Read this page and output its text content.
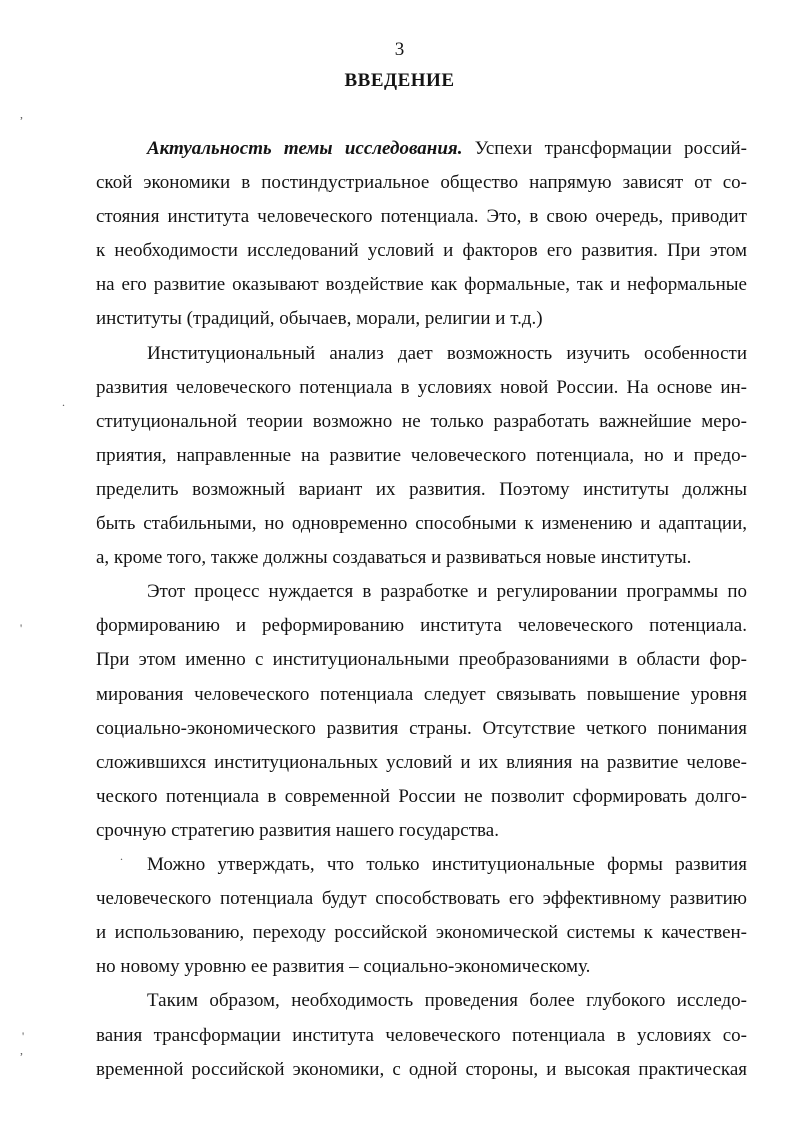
3
ВВЕДЕНИЕ
Актуальность темы исследования. Успехи трансформации россий-
ской экономики в постиндустриальное общество напрямую зависят от со-
стояния института человеческого потенциала. Это, в свою очередь, приводит
к необходимости исследований условий и факторов его развития. При этом
на его развитие оказывают воздействие как формальные, так и неформальные
институты (традиций, обычаев, морали, религии и т.д.)
Институциональный анализ дает возможность изучить особенности
развития человеческого потенциала в условиях новой России. На основе ин-
ституциональной теории возможно не только разработать важнейшие меро-
приятия, направленные на развитие человеческого потенциала, но и предо-
пределить возможный вариант их развития. Поэтому институты должны
быть стабильными, но одновременно способными к изменению и адаптации,
а, кроме того, также должны создаваться и развиваться новые институты.
Этот процесс нуждается в разработке и регулировании программы по
формированию и реформированию института человеческого потенциала.
При этом именно с институциональными преобразованиями в области фор-
мирования человеческого потенциала следует связывать повышение уровня
социально-экономического развития страны. Отсутствие четкого понимания
сложившихся институциональных условий и их влияния на развитие челове-
ческого потенциала в современной России не позволит сформировать долго-
срочную стратегию развития нашего государства.
Можно утверждать, что только институциональные формы развития
человеческого потенциала будут способствовать его эффективному развитию
и использованию, переходу российской экономической системы к качествен-
но новому уровню ее развития – социально-экономическому.
Таким образом, необходимость проведения более глубокого исследо-
вания трансформации института человеческого потенциала в условиях со-
временной российской экономики, с одной стороны, и высокая практическая
,
.
'
.
'
,
